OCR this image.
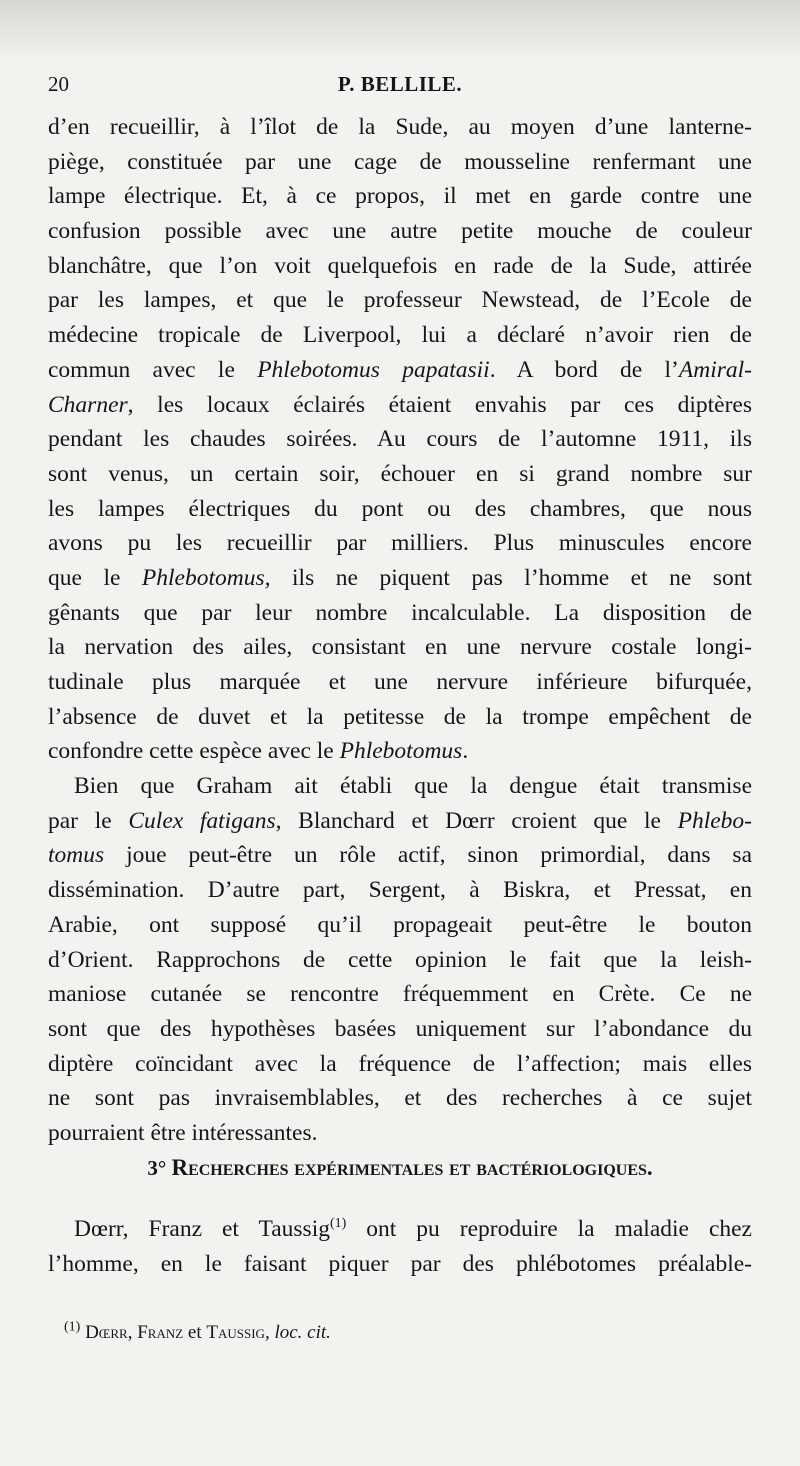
20	P. BELLILE.
d’en recueillir, à l’îlot de la Sude, au moyen d’une lanterne-
piège, constituée par une cage de mousseline renfermant une
lampe électrique. Et, à ce propos, il met en garde contre une
confusion possible avec une autre petite mouche de couleur
blanchâtre, que l’on voit quelquefois en rade de la Sude, attirée
par les lampes, et que le professeur Newstead, de l’Ecole de
médecine tropicale de Liverpool, lui a déclaré n’avoir rien de
commun avec le Phlebotomus papatasii. A bord de l’Amiral-
Charner, les locaux éclairés étaient envahis par ces diptères
pendant les chaudes soirées. Au cours de l’automne 1911, ils
sont venus, un certain soir, échouer en si grand nombre sur
les lampes électriques du pont ou des chambres, que nous
avons pu les recueillir par milliers. Plus minuscules encore
que le Phlebotomus, ils ne piquent pas l’homme et ne sont
gênants que par leur nombre incalculable. La disposition de
la nervation des ailes, consistant en une nervure costale longi-
tudinale plus marquée et une nervure inférieure bifurquée,
l’absence de duvet et la petitesse de la trompe empêchent de
confondre cette espèce avec le Phlebotomus.
Bien que Graham ait établi que la dengue était transmise
par le Culex fatigans, Blanchard et Dœrr croient que le Phlebo-
tomus joue peut-être un rôle actif, sinon primordial, dans sa
dissémination. D’autre part, Sergent, à Biskra, et Pressat, en
Arabie, ont supposé qu’il propageait peut-être le bouton
d’Orient. Rapprochons de cette opinion le fait que la leish-
maniose cutanée se rencontre fréquemment en Crète. Ce ne
sont que des hypothèses basées uniquement sur l’abondance du
diptère coïncidant avec la fréquence de l’affection; mais elles
ne sont pas invraisemblables, et des recherches à ce sujet
pourraient être intéressantes.
3° Recherches expérimentales et bactériologiques.
Dœrr, Franz et Taussig$^{(1)}$ ont pu reproduire la maladie chez
l’homme, en le faisant piquer par des phlébotomes préalable-
$^{(1)}$ Dœrr, Franz et Taussig, loc. cit.
